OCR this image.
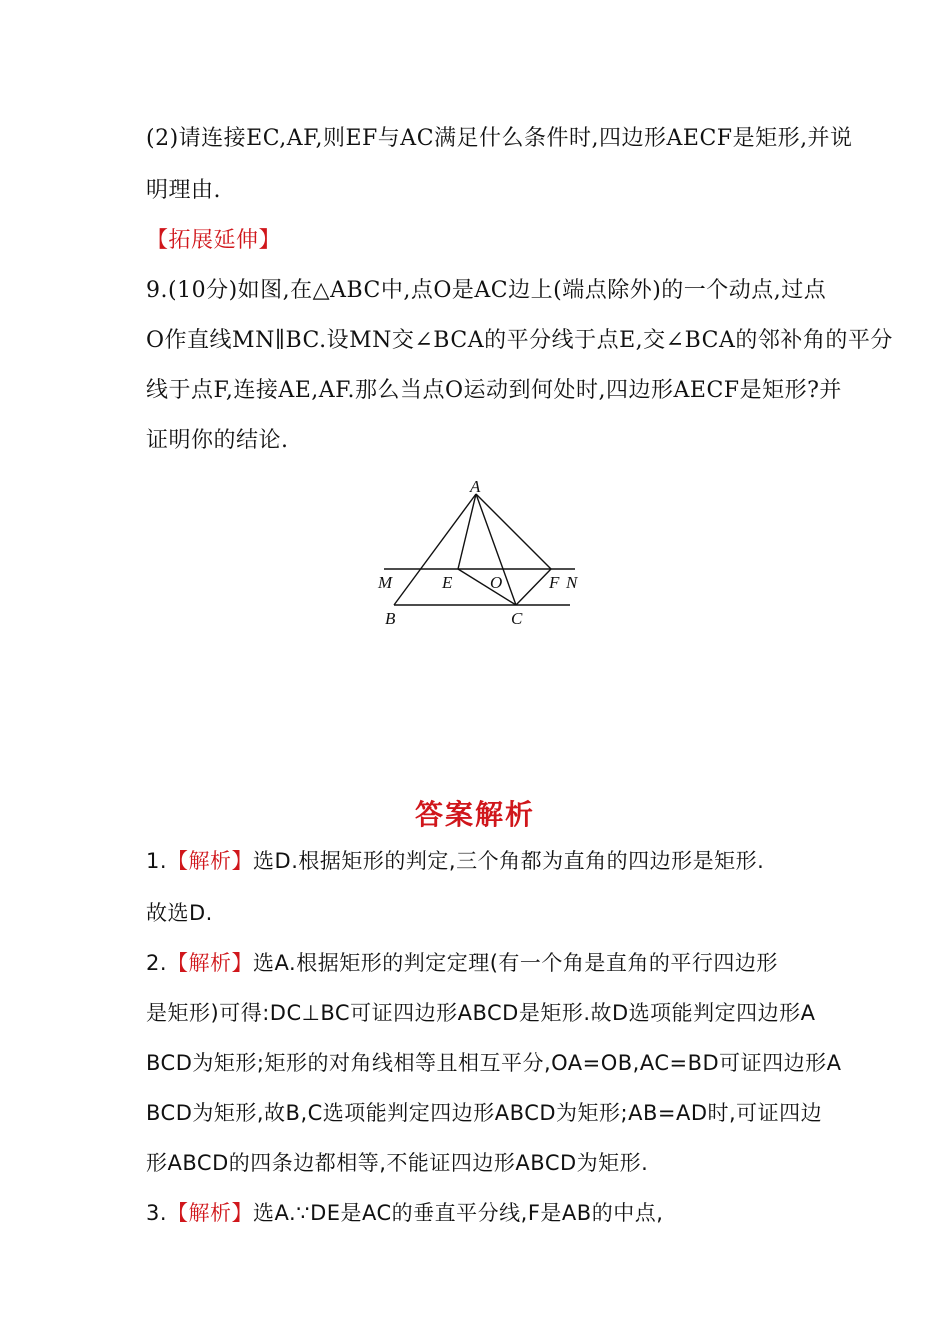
(2)请连接EC,AF,则EF与AC满足什么条件时,四边形AECF是矩形,并说
明理由.
【拓展延伸】
9.(10分)如图,在△ABC中,点O是AC边上(端点除外)的一个动点,过点
O作直线MN∥BC.设MN交∠BCA的平分线于点E,交∠BCA的邻补角的平分
线于点F,连接AE,AF.那么当点O运动到何处时,四边形AECF是矩形?并
证明你的结论.
A
M	E O	F N
B	C
答案解析
1.【解析】选D.根据矩形的判定,三个角都为直角的四边形是矩形.
故选D.
2.【解析】选A.根据矩形的判定定理(有一个角是直角的平行四边形
是矩形)可得:DC⊥BC可证四边形ABCD是矩形.故D选项能判定四边形A
BCD为矩形;矩形的对角线相等且相互平分,OA=OB,AC=BD可证四边形A
BCD为矩形,故B,C选项能判定四边形ABCD为矩形;AB=AD时,可证四边
形ABCD的四条边都相等,不能证四边形ABCD为矩形.
3.【解析】选A.∵DE是AC的垂直平分线,F是AB的中点,
